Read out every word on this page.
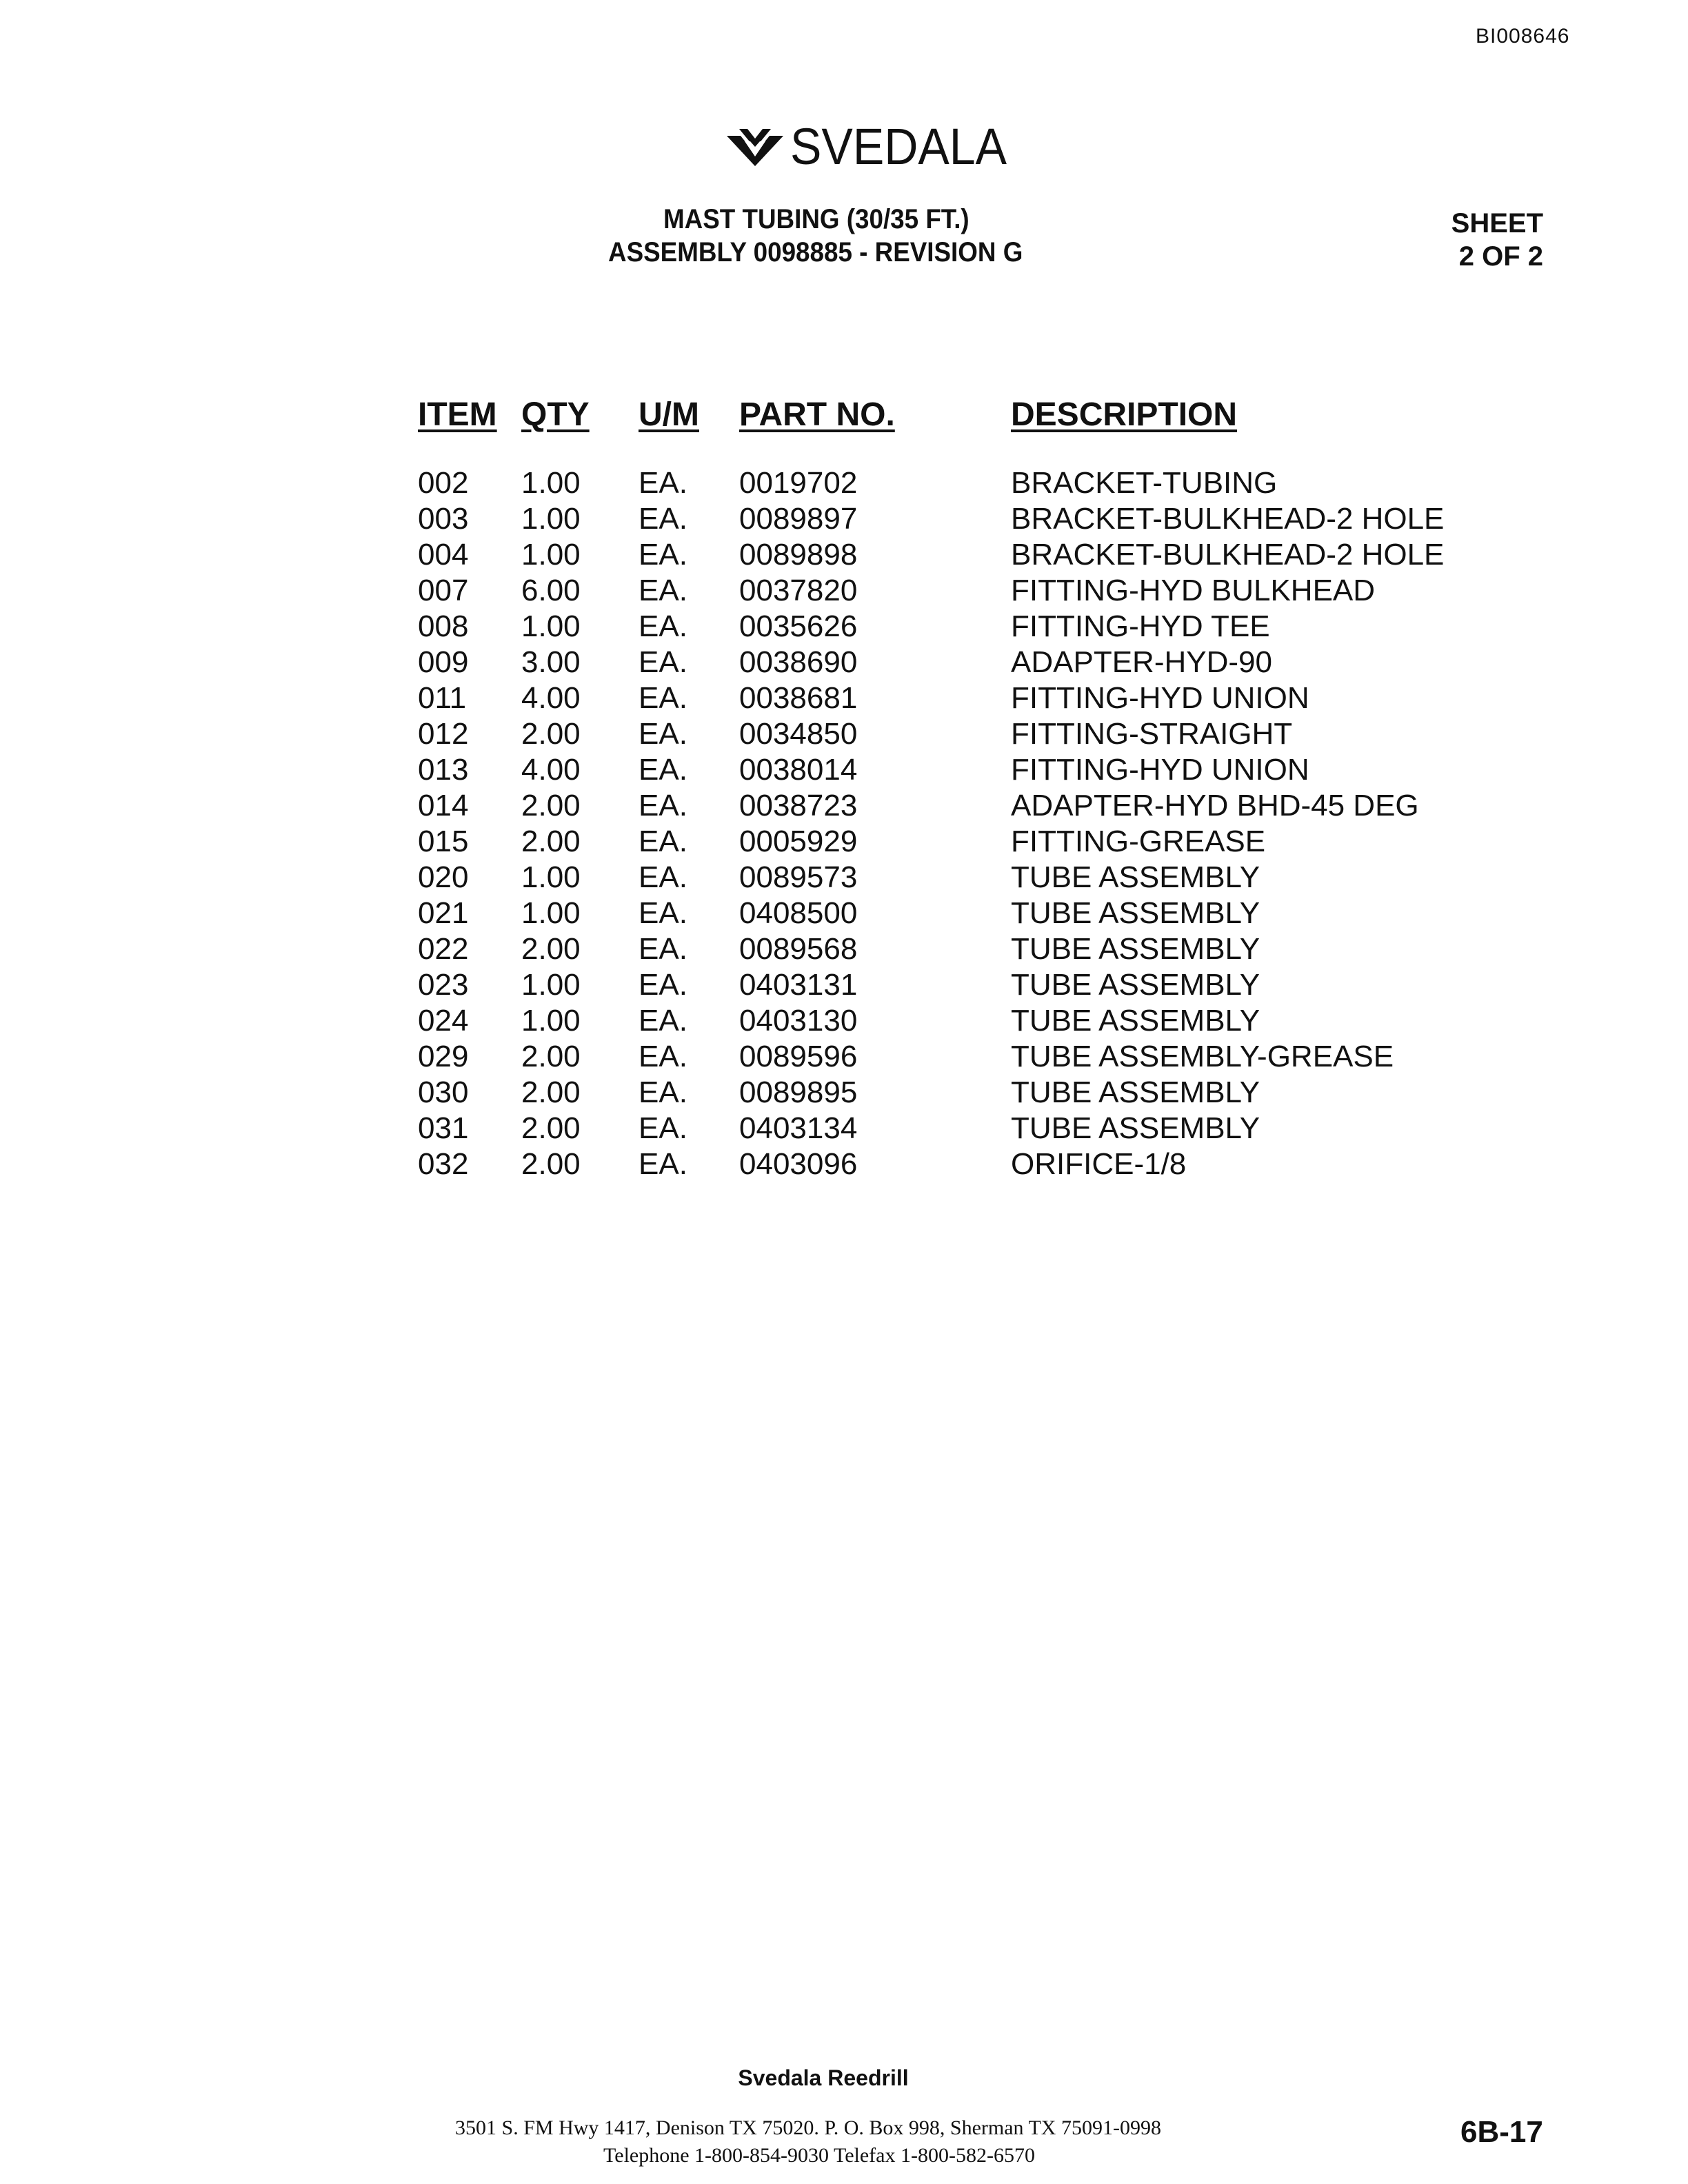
BI008646
SVEDALA
MAST TUBING (30/35 FT.)
ASSEMBLY 0098885 - REVISION G
SHEET
2 OF 2
ITEM	QTY	U/M	PART NO.	DESCRIPTION
002	1.00	EA.	0019702	BRACKET-TUBING
003	1.00	EA.	0089897	BRACKET-BULKHEAD-2 HOLE
004	1.00	EA.	0089898	BRACKET-BULKHEAD-2 HOLE
007	6.00	EA.	0037820	FITTING-HYD BULKHEAD
008	1.00	EA.	0035626	FITTING-HYD TEE
009	3.00	EA.	0038690	ADAPTER-HYD-90
011	4.00	EA.	0038681	FITTING-HYD UNION
012	2.00	EA.	0034850	FITTING-STRAIGHT
013	4.00	EA.	0038014	FITTING-HYD UNION
014	2.00	EA.	0038723	ADAPTER-HYD BHD-45 DEG
015	2.00	EA.	0005929	FITTING-GREASE
020	1.00	EA.	0089573	TUBE ASSEMBLY
021	1.00	EA.	0408500	TUBE ASSEMBLY
022	2.00	EA.	0089568	TUBE ASSEMBLY
023	1.00	EA.	0403131	TUBE ASSEMBLY
024	1.00	EA.	0403130	TUBE ASSEMBLY
029	2.00	EA.	0089596	TUBE ASSEMBLY-GREASE
030	2.00	EA.	0089895	TUBE ASSEMBLY
031	2.00	EA.	0403134	TUBE ASSEMBLY
032	2.00	EA.	0403096	ORIFICE-1/8
Svedala Reedrill
3501 S. FM Hwy 1417, Denison TX 75020. P. O. Box 998, Sherman TX 75091-0998
Telephone 1-800-854-9030 Telefax 1-800-582-6570
6B-17
